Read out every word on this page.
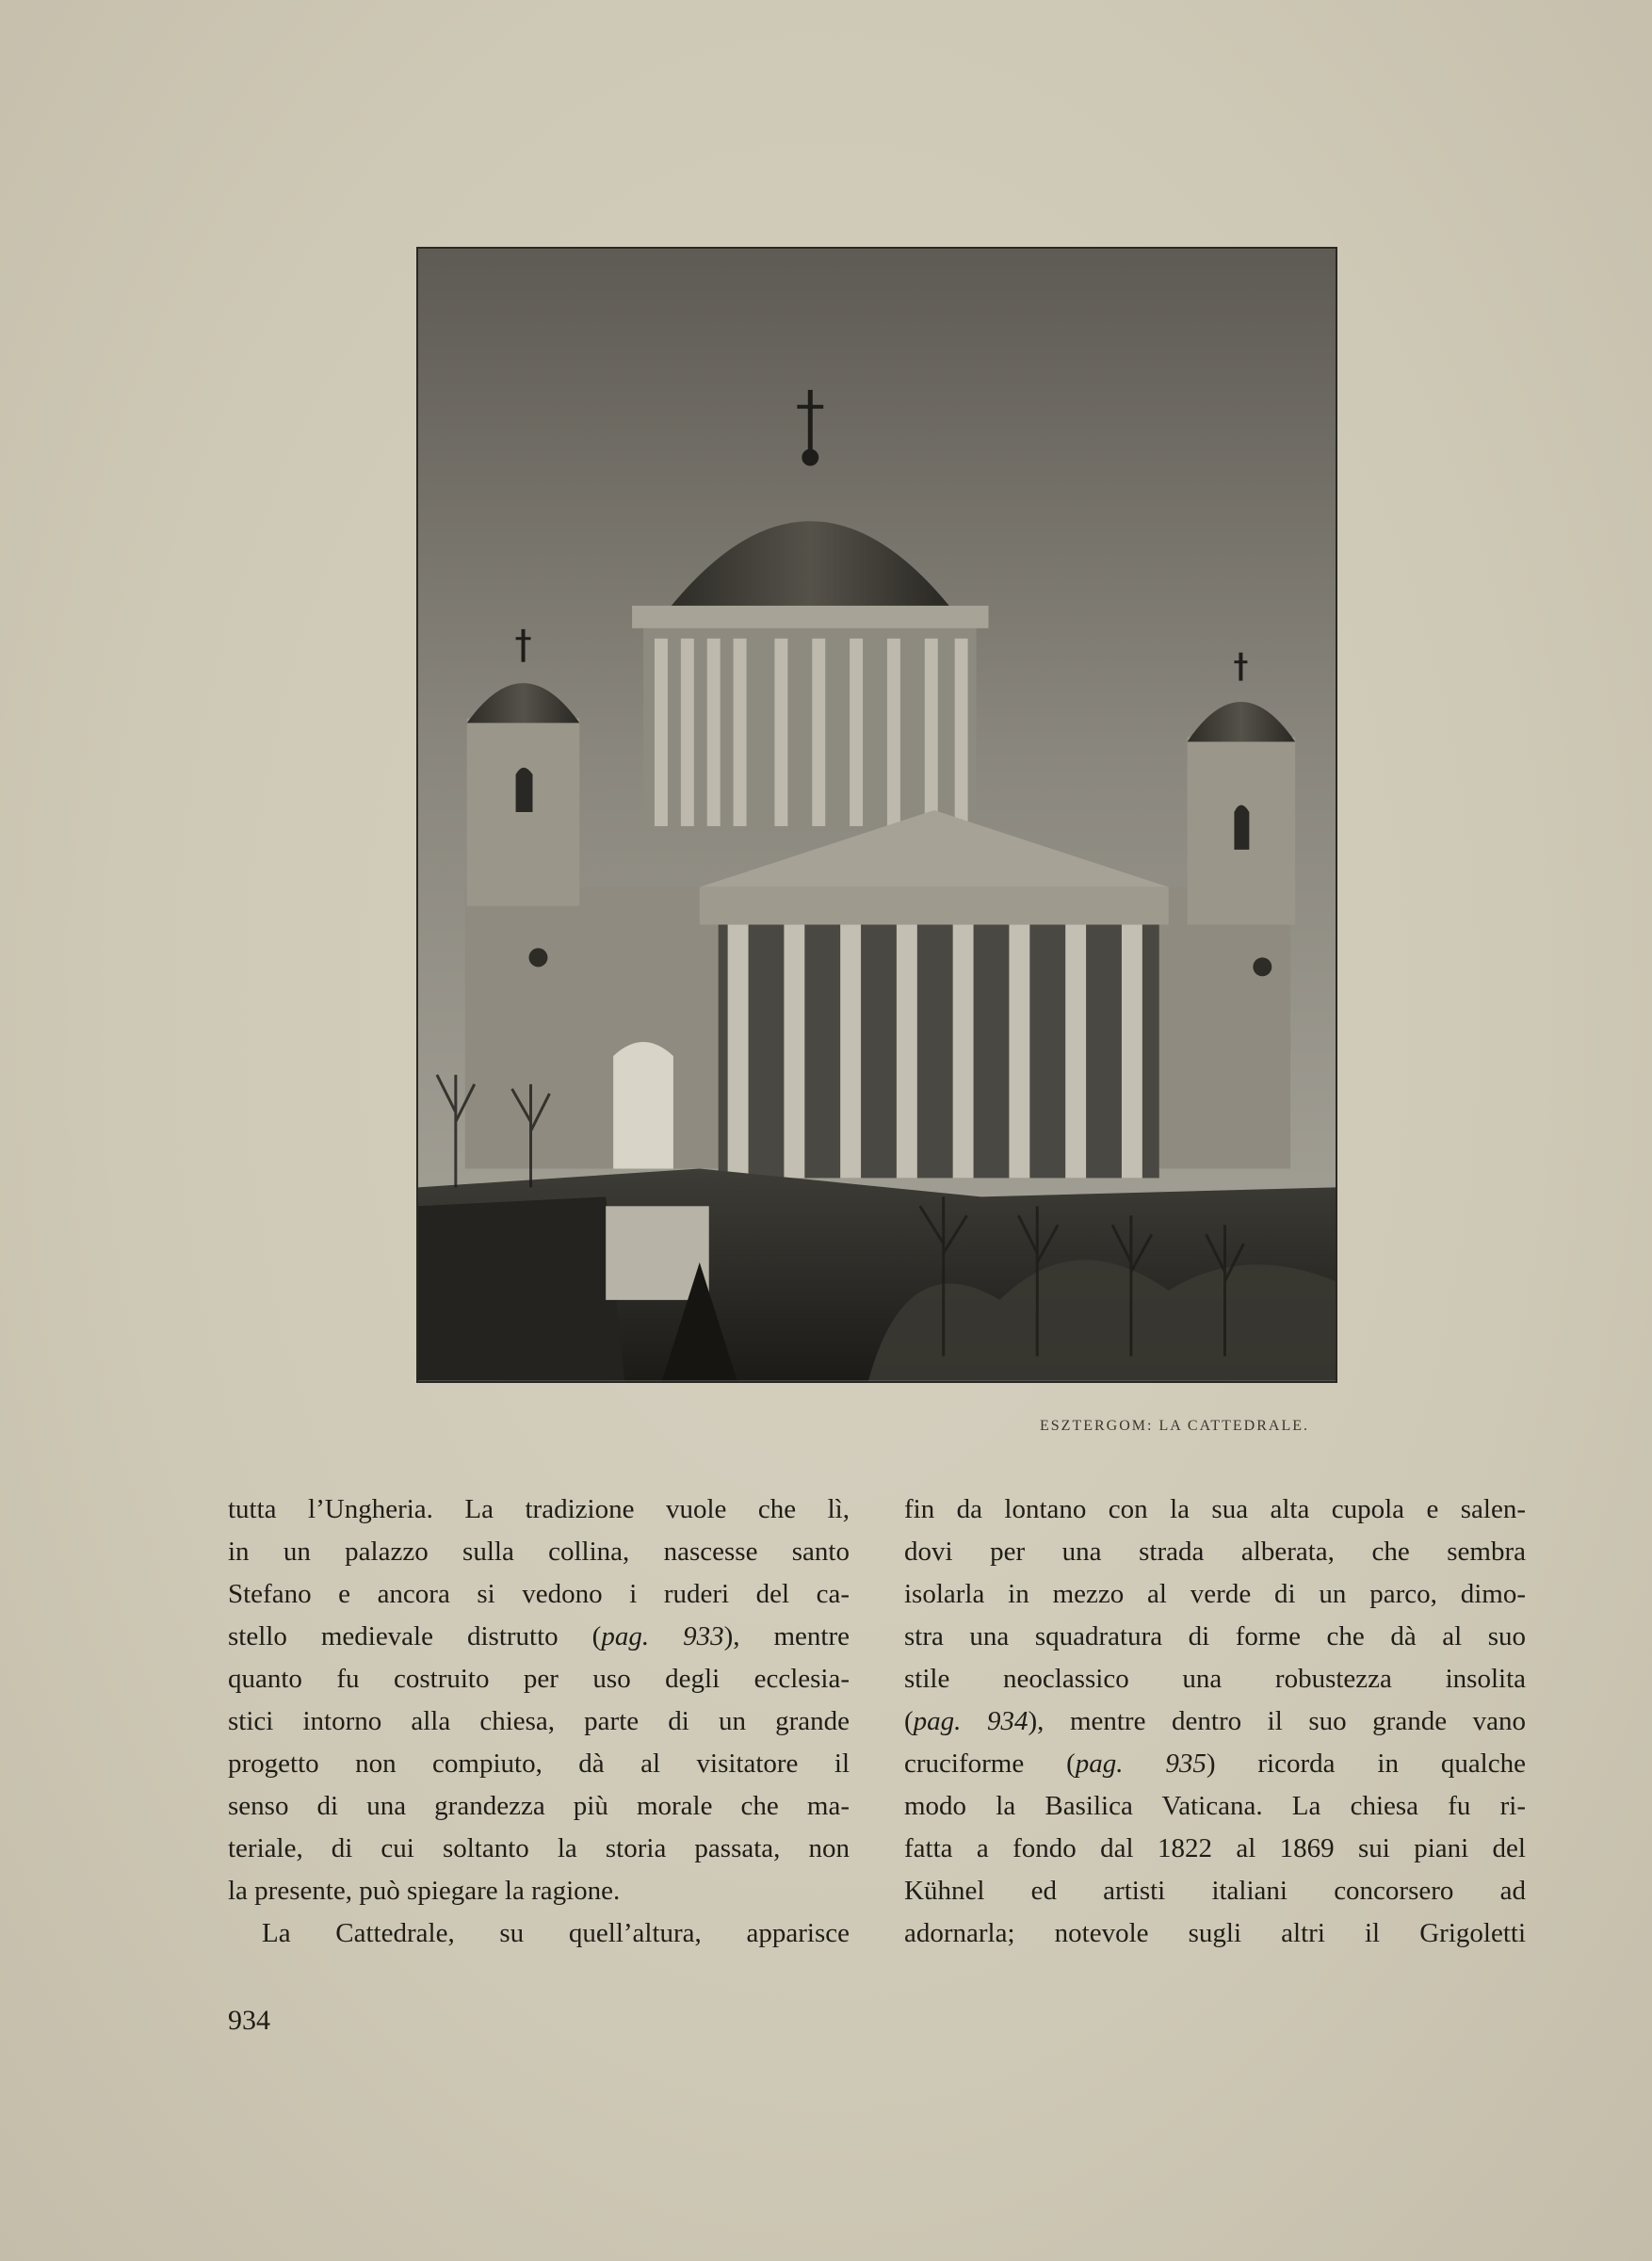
ESZTERGOM: LA CATTEDRALE.
tutta l’Ungheria. La tradizione vuole che lì,
in un palazzo sulla collina, nascesse santo
Stefano e ancora si vedono i ruderi del ca-
stello medievale distrutto (pag. 933), mentre
quanto fu costruito per uso degli ecclesia-
stici intorno alla chiesa, parte di un grande
progetto non compiuto, dà al visitatore il
senso di una grandezza più morale che ma-
teriale, di cui soltanto la storia passata, non
la presente, può spiegare la ragione.
La Cattedrale, su quell’altura, apparisce
fin da lontano con la sua alta cupola e salen-
dovi per una strada alberata, che sembra
isolarla in mezzo al verde di un parco, dimo-
stra una squadratura di forme che dà al suo
stile neoclassico una robustezza insolita
(pag. 934), mentre dentro il suo grande vano
cruciforme (pag. 935) ricorda in qualche
modo la Basilica Vaticana. La chiesa fu ri-
fatta a fondo dal 1822 al 1869 sui piani del
Kühnel ed artisti italiani concorsero ad
adornarla; notevole sugli altri il Grigoletti
934
